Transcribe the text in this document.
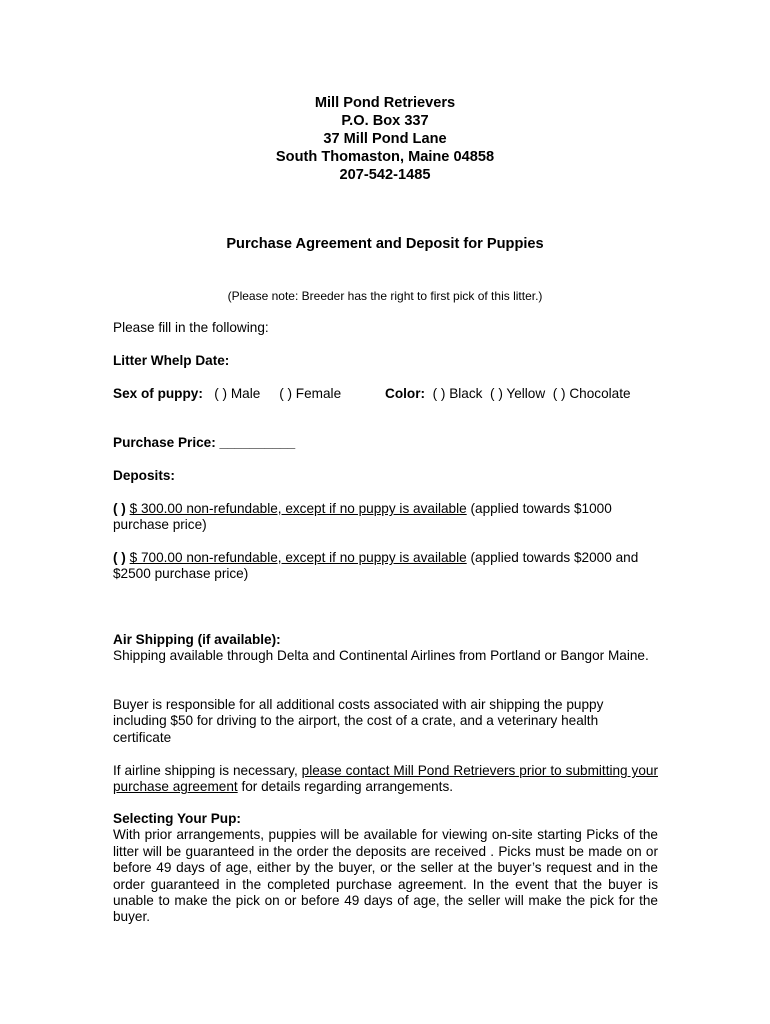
Mill Pond Retrievers
P.O. Box 337
37 Mill Pond Lane
South Thomaston, Maine 04858
207-542-1485
Purchase Agreement and Deposit for Puppies
(Please note: Breeder has the right to first pick of this litter.)
Please fill in the following:
Litter Whelp Date:
Sex of puppy: ( ) Male ( ) Female	Color: ( ) Black ( ) Yellow ( ) Chocolate
Purchase Price: __________
Deposits:
( ) $ 300.00 non-refundable, except if no puppy is available (applied towards $1000 purchase price)
( ) $ 700.00 non-refundable, except if no puppy is available (applied towards $2000 and $2500 purchase price)
Air Shipping (if available):
Shipping available through Delta and Continental Airlines from Portland or Bangor Maine.
Buyer is responsible for all additional costs associated with air shipping the puppy including $50 for driving to the airport, the cost of a crate, and a veterinary health certificate
If airline shipping is necessary, please contact Mill Pond Retrievers prior to submitting your purchase agreement for details regarding arrangements.
Selecting Your Pup:
With prior arrangements, puppies will be available for viewing on-site starting Picks of the litter will be guaranteed in the order the deposits are received . Picks must be made on or before 49 days of age, either by the buyer, or the seller at the buyer’s request and in the order guaranteed in the completed purchase agreement. In the event that the buyer is unable to make the pick on or before 49 days of age, the seller will make the pick for the buyer.
